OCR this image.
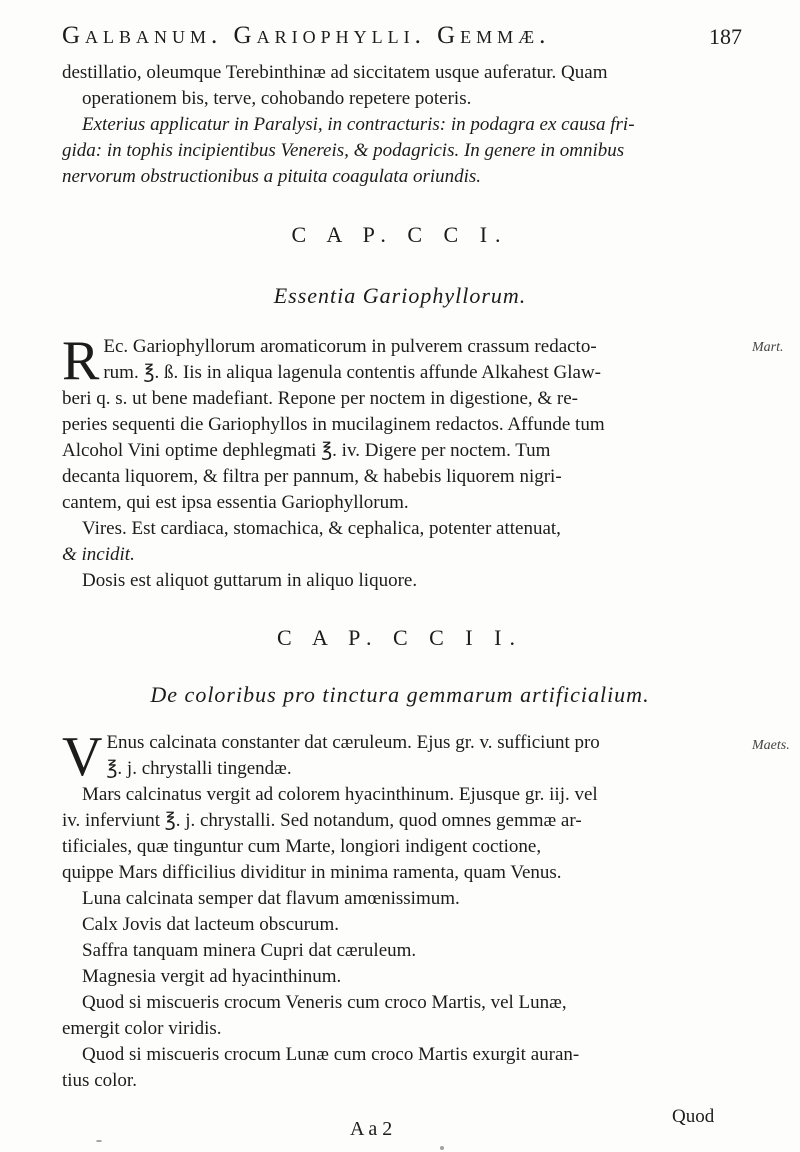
Galbanum. Gariophylli. Gemmæ.	187
destillatio, oleumque Terebinthinæ ad siccitatem usque auferatur. Quam
operationem bis, terve, cohobando repetere poteris.
Exterius applicatur in Paralysi, in contracturis: in podagra ex causa fri-
gida: in tophis incipientibus Venereis, & podagricis. In genere in omnibus
nervorum obstructionibus a pituita coagulata oriundis.
C A P. C C I.
Essentia Gariophyllorum.
R Ec. Gariophyllorum aromaticorum in pulverem crassum redacto-
rum. ℥. ß. Iis in aliqua lagenula contentis affunde Alkahest Glaw-
beri q. s. ut bene madefiant. Repone per noctem in digestione, & re-
peries sequenti die Gariophyllos in mucilaginem redactos. Affunde tum
Alcohol Vini optime dephlegmati ℥. iv. Digere per noctem. Tum
decanta liquorem, & filtra per pannum, & habebis liquorem nigri-
cantem, qui est ipsa essentia Gariophyllorum.
Vires. Est cardiaca, stomachica, & cephalica, potenter attenuat,
& incidit.
Dosis est aliquot guttarum in aliquo liquore.
Mart.
C A P. C C I I.
De coloribus pro tinctura gemmarum artificialium.
V Enus calcinata constanter dat cæruleum. Ejus gr. v. sufficiunt pro
℥. j. chrystalli tingendæ.
Mars calcinatus vergit ad colorem hyacinthinum. Ejusque gr. iij. vel
iv. inferviunt ℥. j. chrystalli. Sed notandum, quod omnes gemmæ ar-
tificiales, quæ tinguntur cum Marte, longiori indigent coctione,
quippe Mars difficilius dividitur in minima ramenta, quam Venus.
Luna calcinata semper dat flavum amœnissimum.
Calx Jovis dat lacteum obscurum.
Saffra tanquam minera Cupri dat cæruleum.
Magnesia vergit ad hyacinthinum.
Quod si miscueris crocum Veneris cum croco Martis, vel Lunæ,
emergit color viridis.
Quod si miscueris crocum Lunæ cum croco Martis exurgit auran-
tius color.
Maets.
A a 2
Quod
